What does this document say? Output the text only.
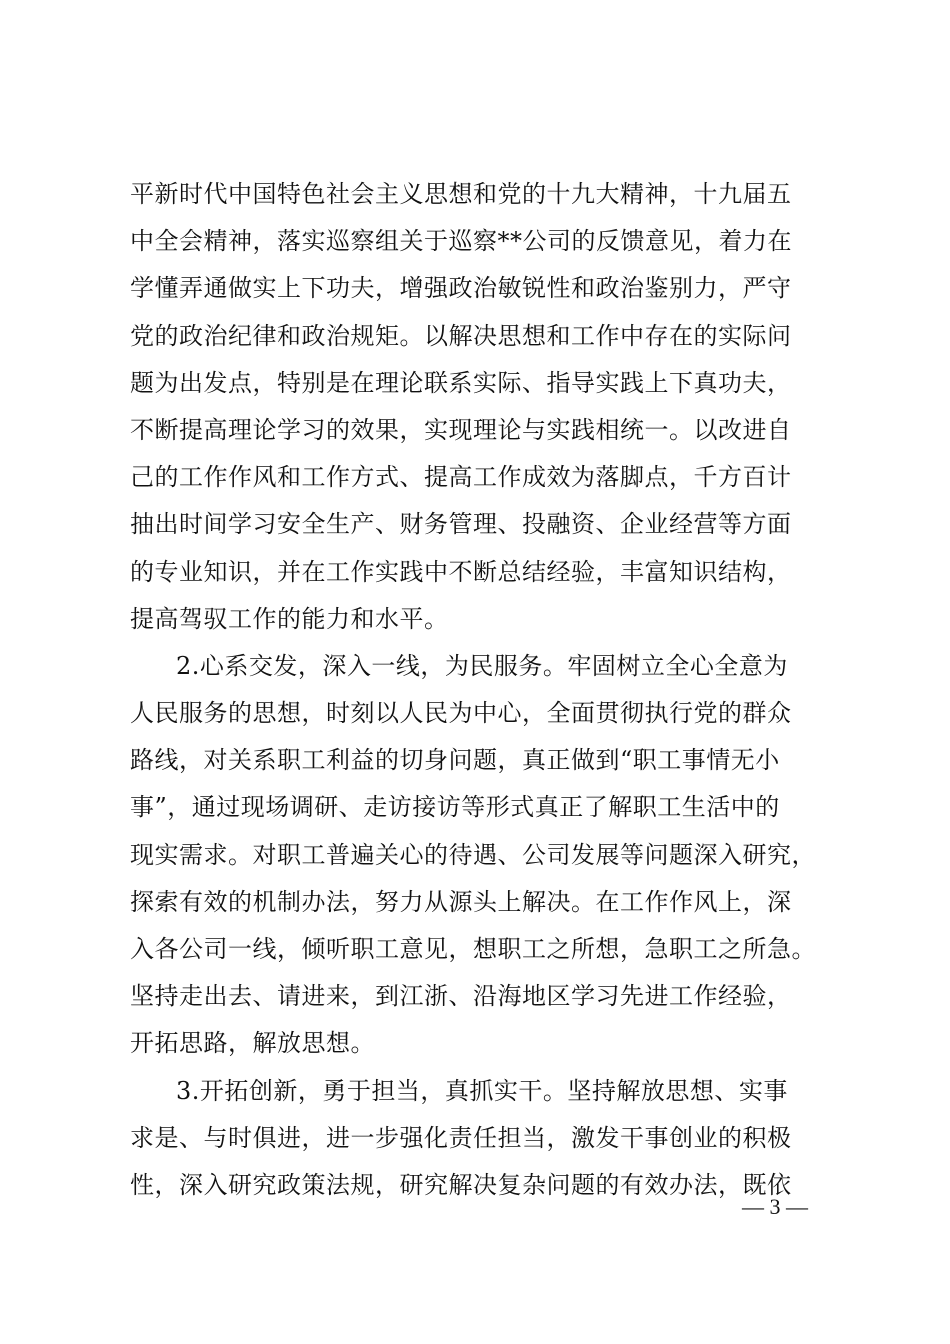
平新时代中国特色社会主义思想和党的十九大精神，十九届五
中全会精神，落实巡察组关于巡察**公司的反馈意见，着力在
学懂弄通做实上下功夫，增强政治敏锐性和政治鉴别力，严守
党的政治纪律和政治规矩。以解决思想和工作中存在的实际问
题为出发点，特别是在理论联系实际、指导实践上下真功夫，
不断提高理论学习的效果，实现理论与实践相统一。以改进自
己的工作作风和工作方式、提高工作成效为落脚点，千方百计
抽出时间学习安全生产、财务管理、投融资、企业经营等方面
的专业知识，并在工作实践中不断总结经验，丰富知识结构，
提高驾驭工作的能力和水平。
2.心系交发，深入一线，为民服务。牢固树立全心全意为
人民服务的思想，时刻以人民为中心，全面贯彻执行党的群众
路线，对关系职工利益的切身问题，真正做到“职工事情无小
事”，通过现场调研、走访接访等形式真正了解职工生活中的
现实需求。对职工普遍关心的待遇、公司发展等问题深入研究，
探索有效的机制办法，努力从源头上解决。在工作作风上，深
入各公司一线，倾听职工意见，想职工之所想，急职工之所急。
坚持走出去、请进来，到江浙、沿海地区学习先进工作经验，
开拓思路，解放思想。
3.开拓创新，勇于担当，真抓实干。坚持解放思想、实事
求是、与时俱进，进一步强化责任担当，激发干事创业的积极
性，深入研究政策法规，研究解决复杂问题的有效办法，既依
— 3 —
